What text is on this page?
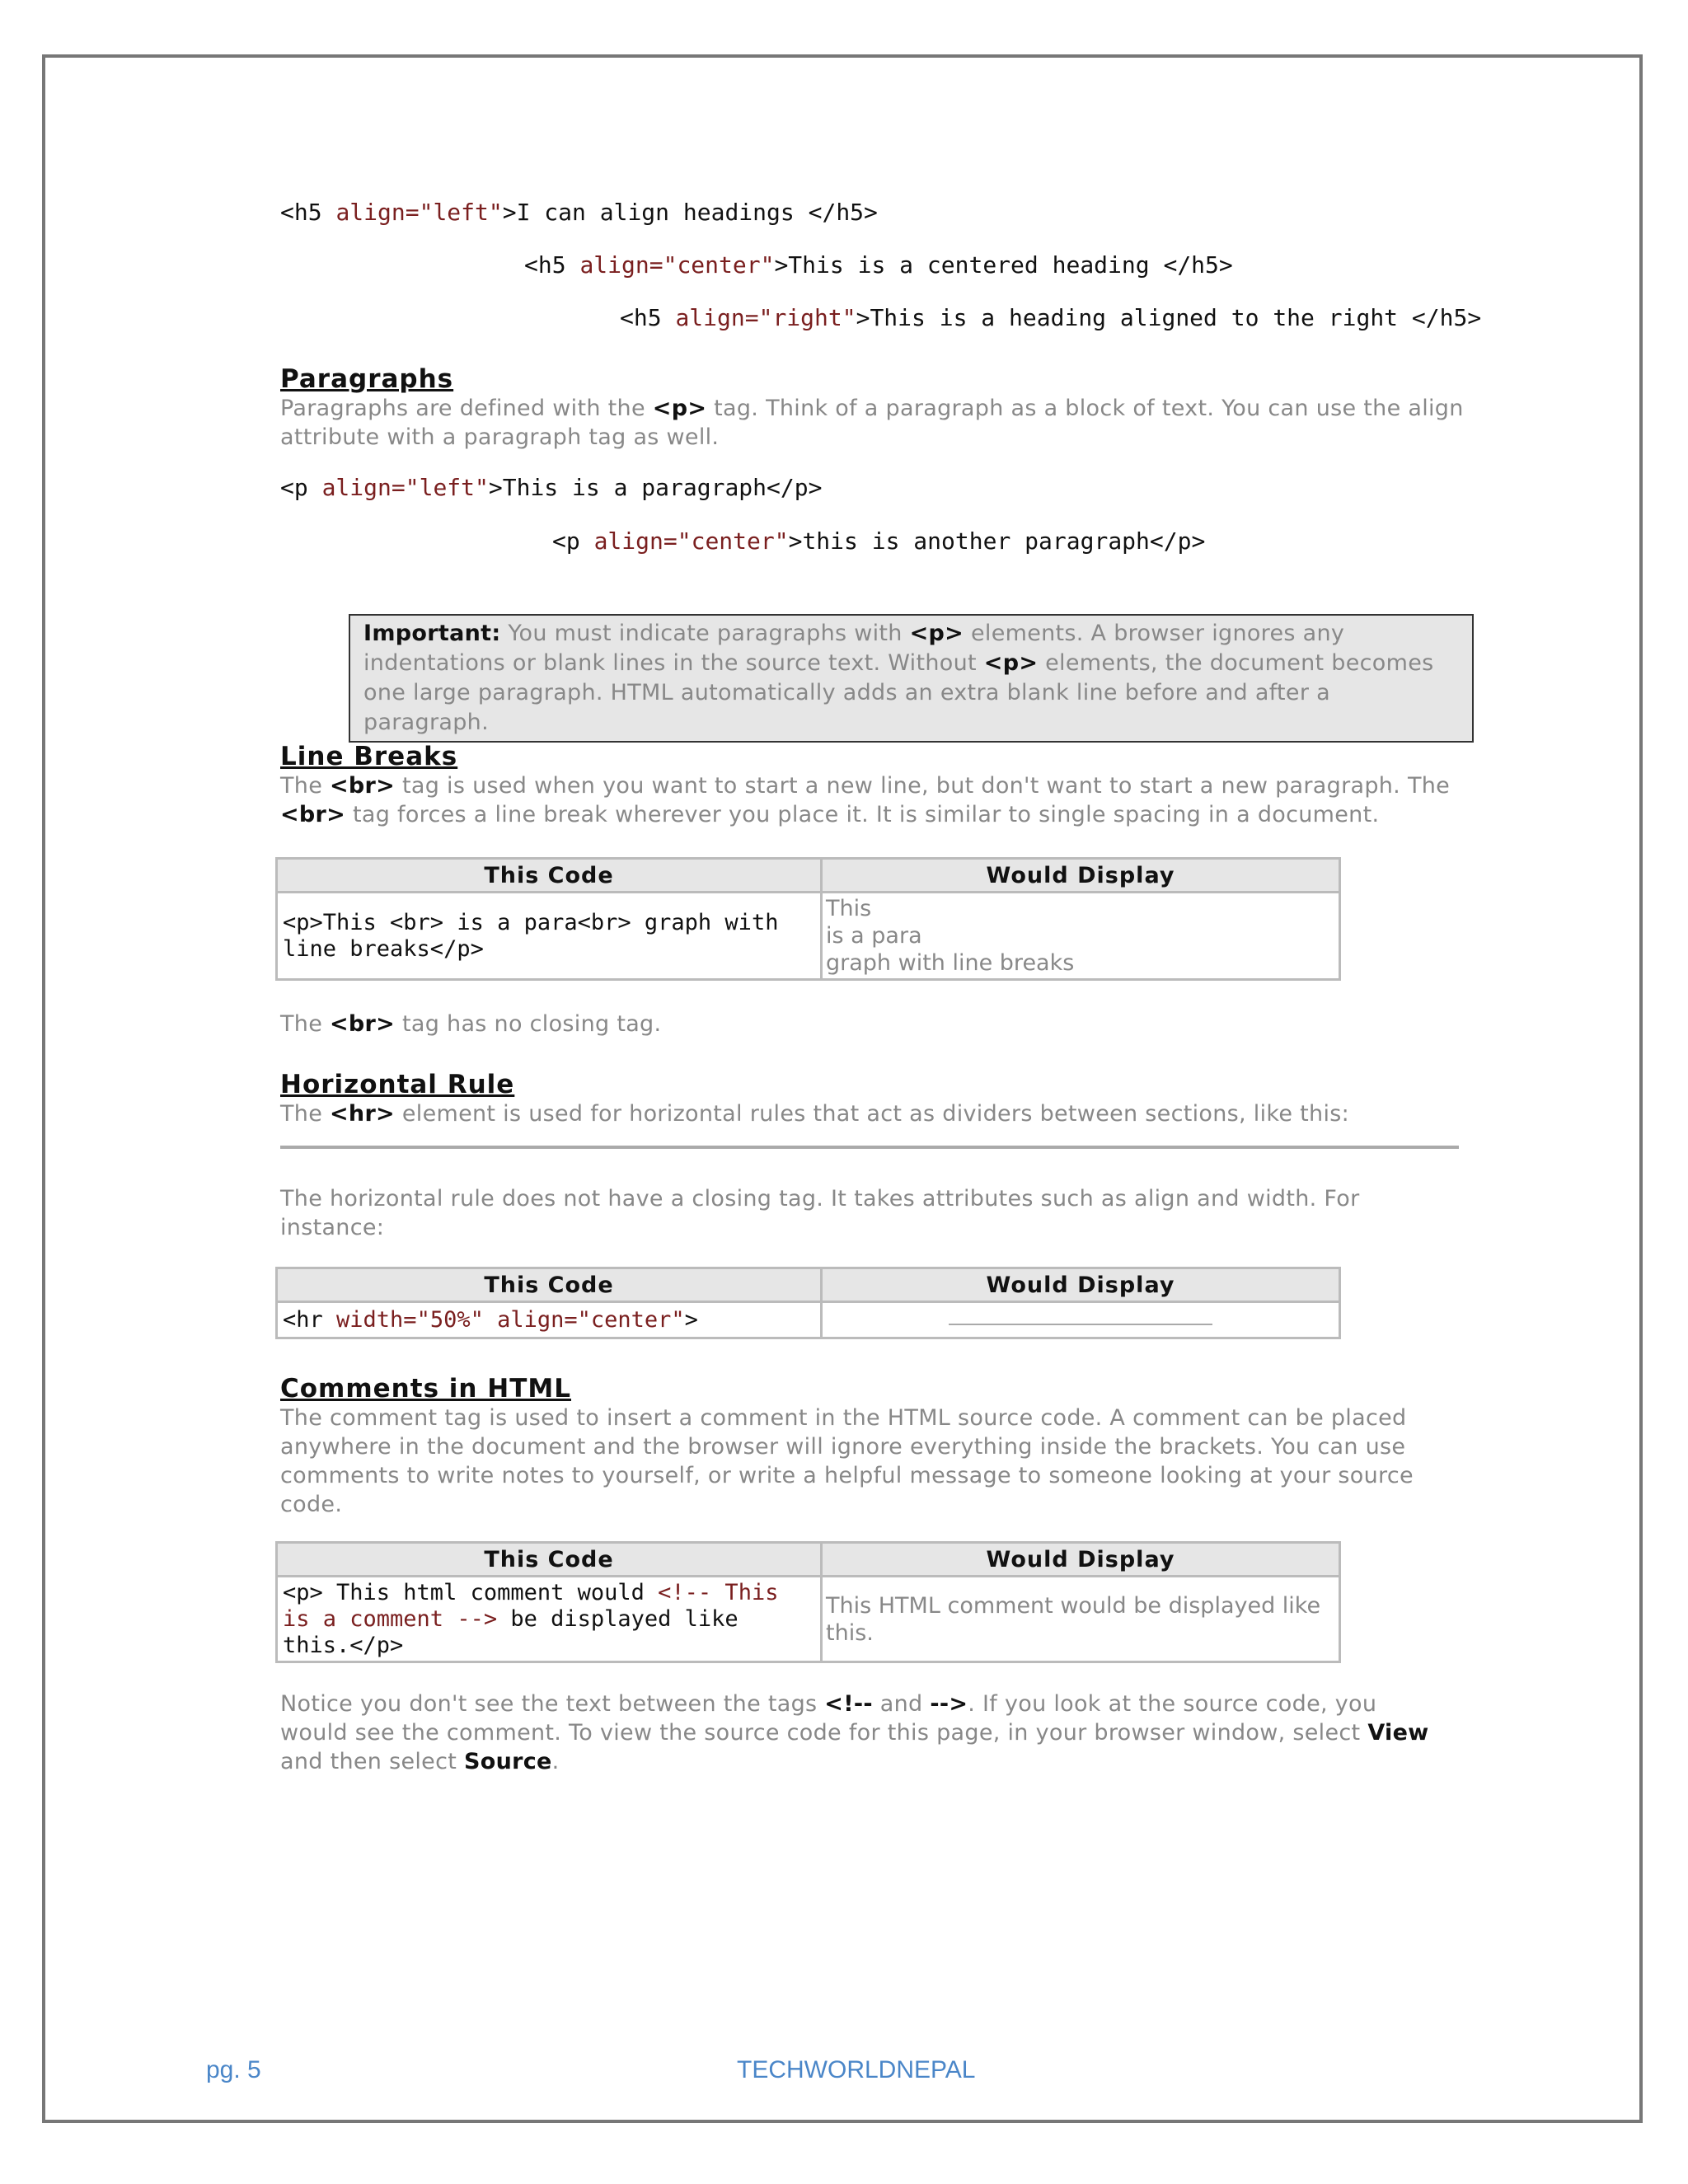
<h5 align="left">I can align headings </h5>
<h5 align="center">This is a centered heading </h5>
<h5 align="right">This is a heading aligned to the right </h5>
Paragraphs
Paragraphs are defined with the <p> tag. Think of a paragraph as a block of text. You can use the align attribute with a paragraph tag as well.
<p align="left">This is a paragraph</p>
<p align="center">this is another paragraph</p>
Important: You must indicate paragraphs with <p> elements. A browser ignores any indentations or blank lines in the source text. Without <p> elements, the document becomes one large paragraph. HTML automatically adds an extra blank line before and after a paragraph.
Line Breaks
The <br> tag is used when you want to start a new line, but don't want to start a new paragraph. The <br> tag forces a line break wherever you place it. It is similar to single spacing in a document.
This Code	Would Display
<p>This <br> is a para<br> graph with line breaks</p>	This
is a para
graph with line breaks
The <br> tag has no closing tag.
Horizontal Rule
The <hr> element is used for horizontal rules that act as dividers between sections, like this:
The horizontal rule does not have a closing tag. It takes attributes such as align and width. For instance:
This Code	Would Display
<hr width="50%" align="center">	
Comments in HTML
The comment tag is used to insert a comment in the HTML source code. A comment can be placed anywhere in the document and the browser will ignore everything inside the brackets. You can use comments to write notes to yourself, or write a helpful message to someone looking at your source code.
This Code	Would Display
<p> This html comment would <!-- This is a comment --> be displayed like this.</p>	This HTML comment would be displayed like this.
Notice you don't see the text between the tags <!-- and -->. If you look at the source code, you would see the comment. To view the source code for this page, in your browser window, select View and then select Source.
pg. 5	TECHWORLDNEPAL
